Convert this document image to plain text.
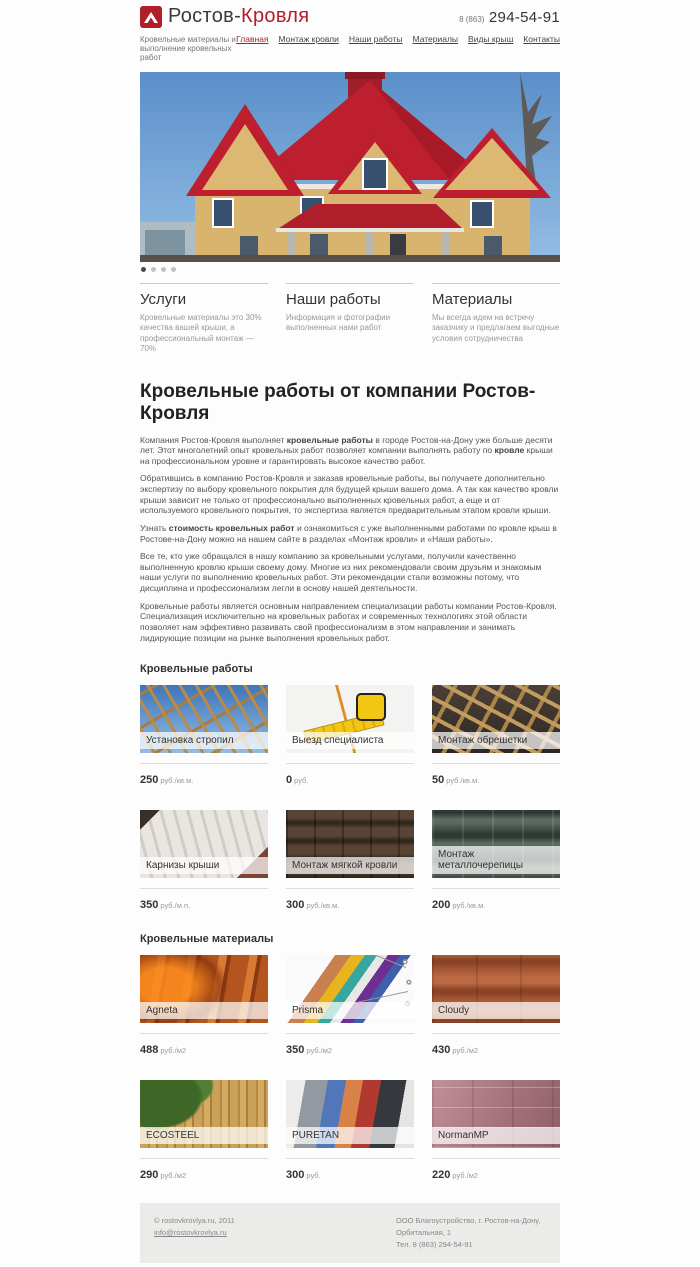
Ростов-Кровля	8 (863) 294-54-91
Кровельные материалы и выполнение кровельных работ
Главная Монтаж кровли Наши работы Материалы Виды крыш Контакты
Услуги

Кровельные материалы это 30% качества вашей крыши, а профессиональный монтаж — 70%

Наши работы

Информация и фотографии выполненных нами работ

Материалы

Мы всегда идем на встречу заказчику и предлагаем выгодные условия сотрудничества

Кровельные работы от компании Ростов-Кровля

Компания Ростов-Кровля выполняет кровельные работы в городе Ростов-на-Дону уже больше десяти лет. Этот многолетний опыт кровельных работ позволяет компании выполнять работу по кровле крыши на профессиональном уровне и гарантировать высокое качество работ.

Обратившись в компанию Ростов-Кровля и заказав кровельные работы, вы получаете дополнительно экспертизу по выбору кровельного покрытия для будущей крыши вашего дома. А так как качество кровли крыши зависит не только от профессионально выполненных кровельных работ, а еще и от используемого кровельного покрытия, то экспертиза является предварительным этапом кровли крыши.

Узнать стоимость кровельных работ и ознакомиться с уже выполненными работами по кровле крыш в Ростове-на-Дону можно на нашем сайте в разделах «Монтаж кровли» и «Наши работы».

Все те, кто уже обращался в нашу компанию за кровельными услугами, получили качественно выполненную кровлю крыши своему дому. Многие из них рекомендовали своим друзьям и знакомым наши услуги по выполнению кровельных работ. Эти рекомендации стали возможны потому, что дисциплина и профессионализм легли в основу нашей деятельности.

Кровельные работы является основным направлением специализации работы компании Ростов-Кровля. Специализация исключительно на кровельных работах и современных технологиях этой области позволяет нам эффективно развивать свой профессионализм в этом направлении и занимать лидирующие позиции на рынке выполнения кровельных работ.

Кровельные работы
Установка стропил
250 руб./кв.м.
Выезд специалиста
0 руб.
Монтаж обрешетки
50 руб./кв.м.
Карнизы крыши
350 руб./м.п.
Монтаж мягкой кровли
300 руб./кв.м.
Монтаж металлочерепицы
200 руб./кв.м.
Кровельные материалы
Agneta
488 руб./м2
Prisma
350 руб./м2
Cloudy
430 руб./м2
ECOSTEEL
290 руб./м2
PURETAN
300 руб.
NormanMP
220 руб./м2
© rostovkrovlya.ru, 2011
info@rostovkrovlya.ru
ООО Благоустройство, г. Ростов-на-Дону, Орбитальная, 1
Тел. 8 (863) 294-54-91
